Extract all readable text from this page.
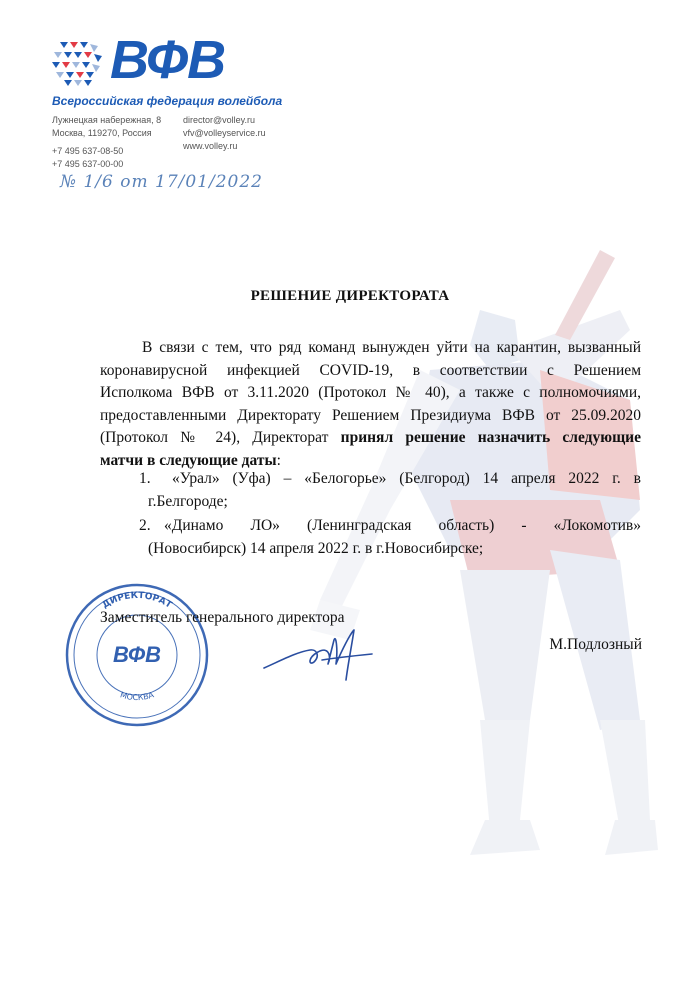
ВФВ
Всероссийская федерация волейбола
Лужнецкая набережная, 8
Москва, 119270, Россия
director@volley.ru
vfv@volleyservice.ru
www.volley.ru
+7 495 637-08-50
+7 495 637-00-00
№ 1/6 от 17/01/2022
РЕШЕНИЕ ДИРЕКТОРАТА
В связи с тем, что ряд команд вынужден уйти на карантин, вызванный
коронавирусной инфекцией COVID-19, в соответствии с Решением
Исполкома ВФВ от 3.11.2020 (Протокол № 40), а также с полномочиями,
предоставленными Директорату Решением Президиума ВФВ от 25.09.2020
(Протокол № 24), Директорат принял решение назначить следующие
матчи в следующие даты:
1.	«Урал» (Уфа) – «Белогорье» (Белгород) 14 апреля 2022 г. в
г.Белгороде;
2. «Динамо ЛО» (Ленинградская область) - «Локомотив»
(Новосибирск) 14 апреля 2022 г. в г.Новосибирске;
ДИРЕКТОРАТ
МОСКВА
ВФВ
Заместитель генерального директора
М.Подлозный
